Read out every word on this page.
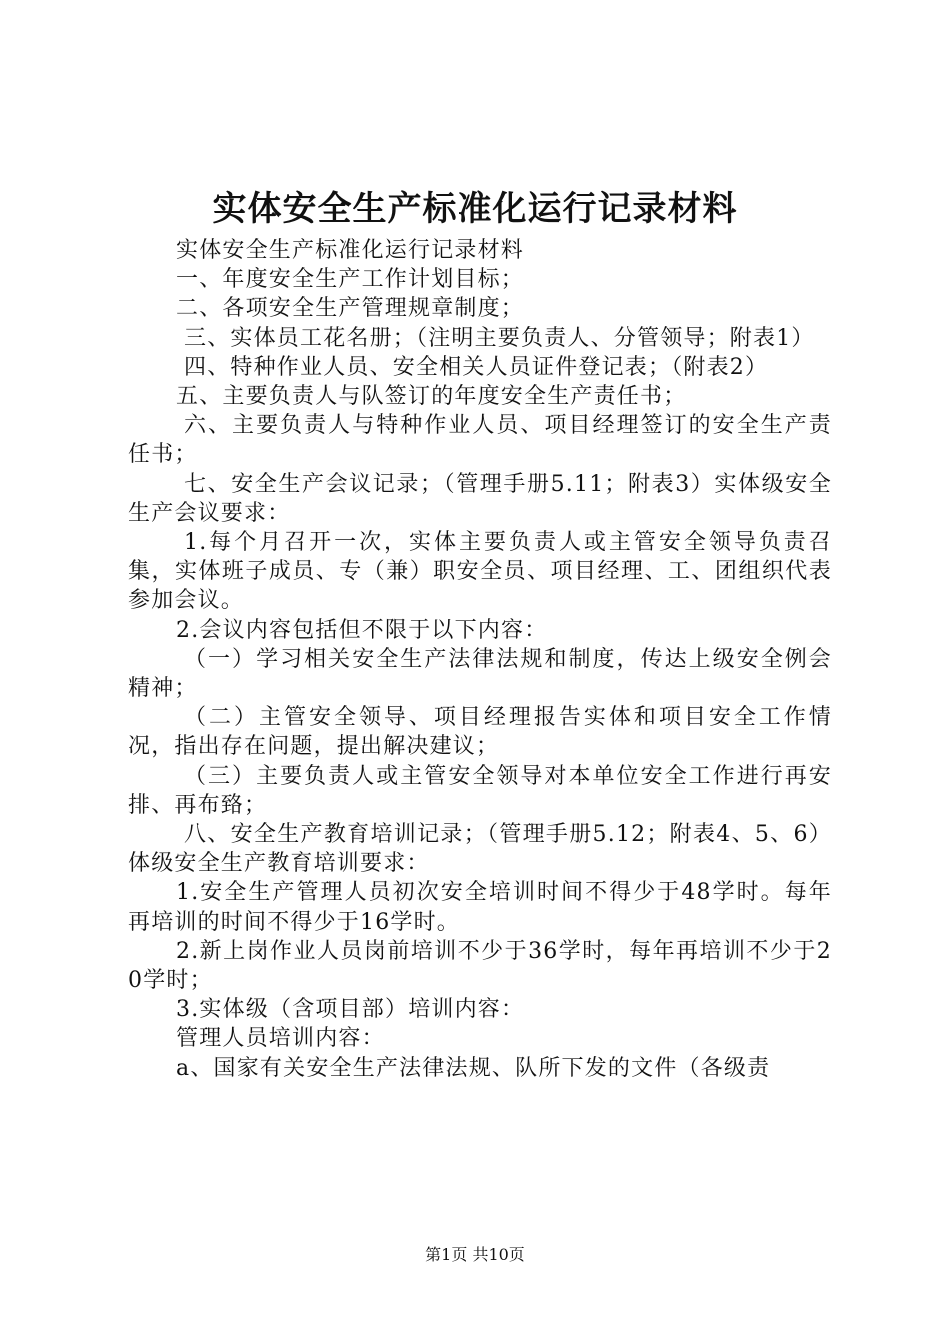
实体安全生产标准化运行记录材料

实体安全生产标准化运行记录材料

一、年度安全生产工作计划目标；

二、各项安全生产管理规章制度；

三、实体员工花名册；（注明主要负责人、分管领导；附表1）

四、特种作业人员、安全相关人员证件登记表；（附表2）

五、主要负责人与队签订的年度安全生产责任书；

六、主要负责人与特种作业人员、项目经理签订的安全生产责任书；

七、安全生产会议记录；（管理手册5.11；附表3）实体级安全生产会议要求：

1.每个月召开一次，实体主要负责人或主管安全领导负责召集，实体班子成员、专（兼）职安全员、项目经理、工、团组织代表参加会议。

2.会议内容包括但不限于以下内容：

（一）学习相关安全生产法律法规和制度，传达上级安全例会精神；

（二）主管安全领导、项目经理报告实体和项目安全工作情况，指出存在问题，提出解决建议；

（三）主要负责人或主管安全领导对本单位安全工作进行再安排、再布臵；

八、安全生产教育培训记录；（管理手册5.12；附表4、5、6）体级安全生产教育培训要求：

1.安全生产管理人员初次安全培训时间不得少于48学时。每年再培训的时间不得少于16学时。

2.新上岗作业人员岗前培训不少于36学时，每年再培训不少于20学时；

3.实体级（含项目部）培训内容：

管理人员培训内容：

a、国家有关安全生产法律法规、队所下发的文件（各级责

第1页 共10页
